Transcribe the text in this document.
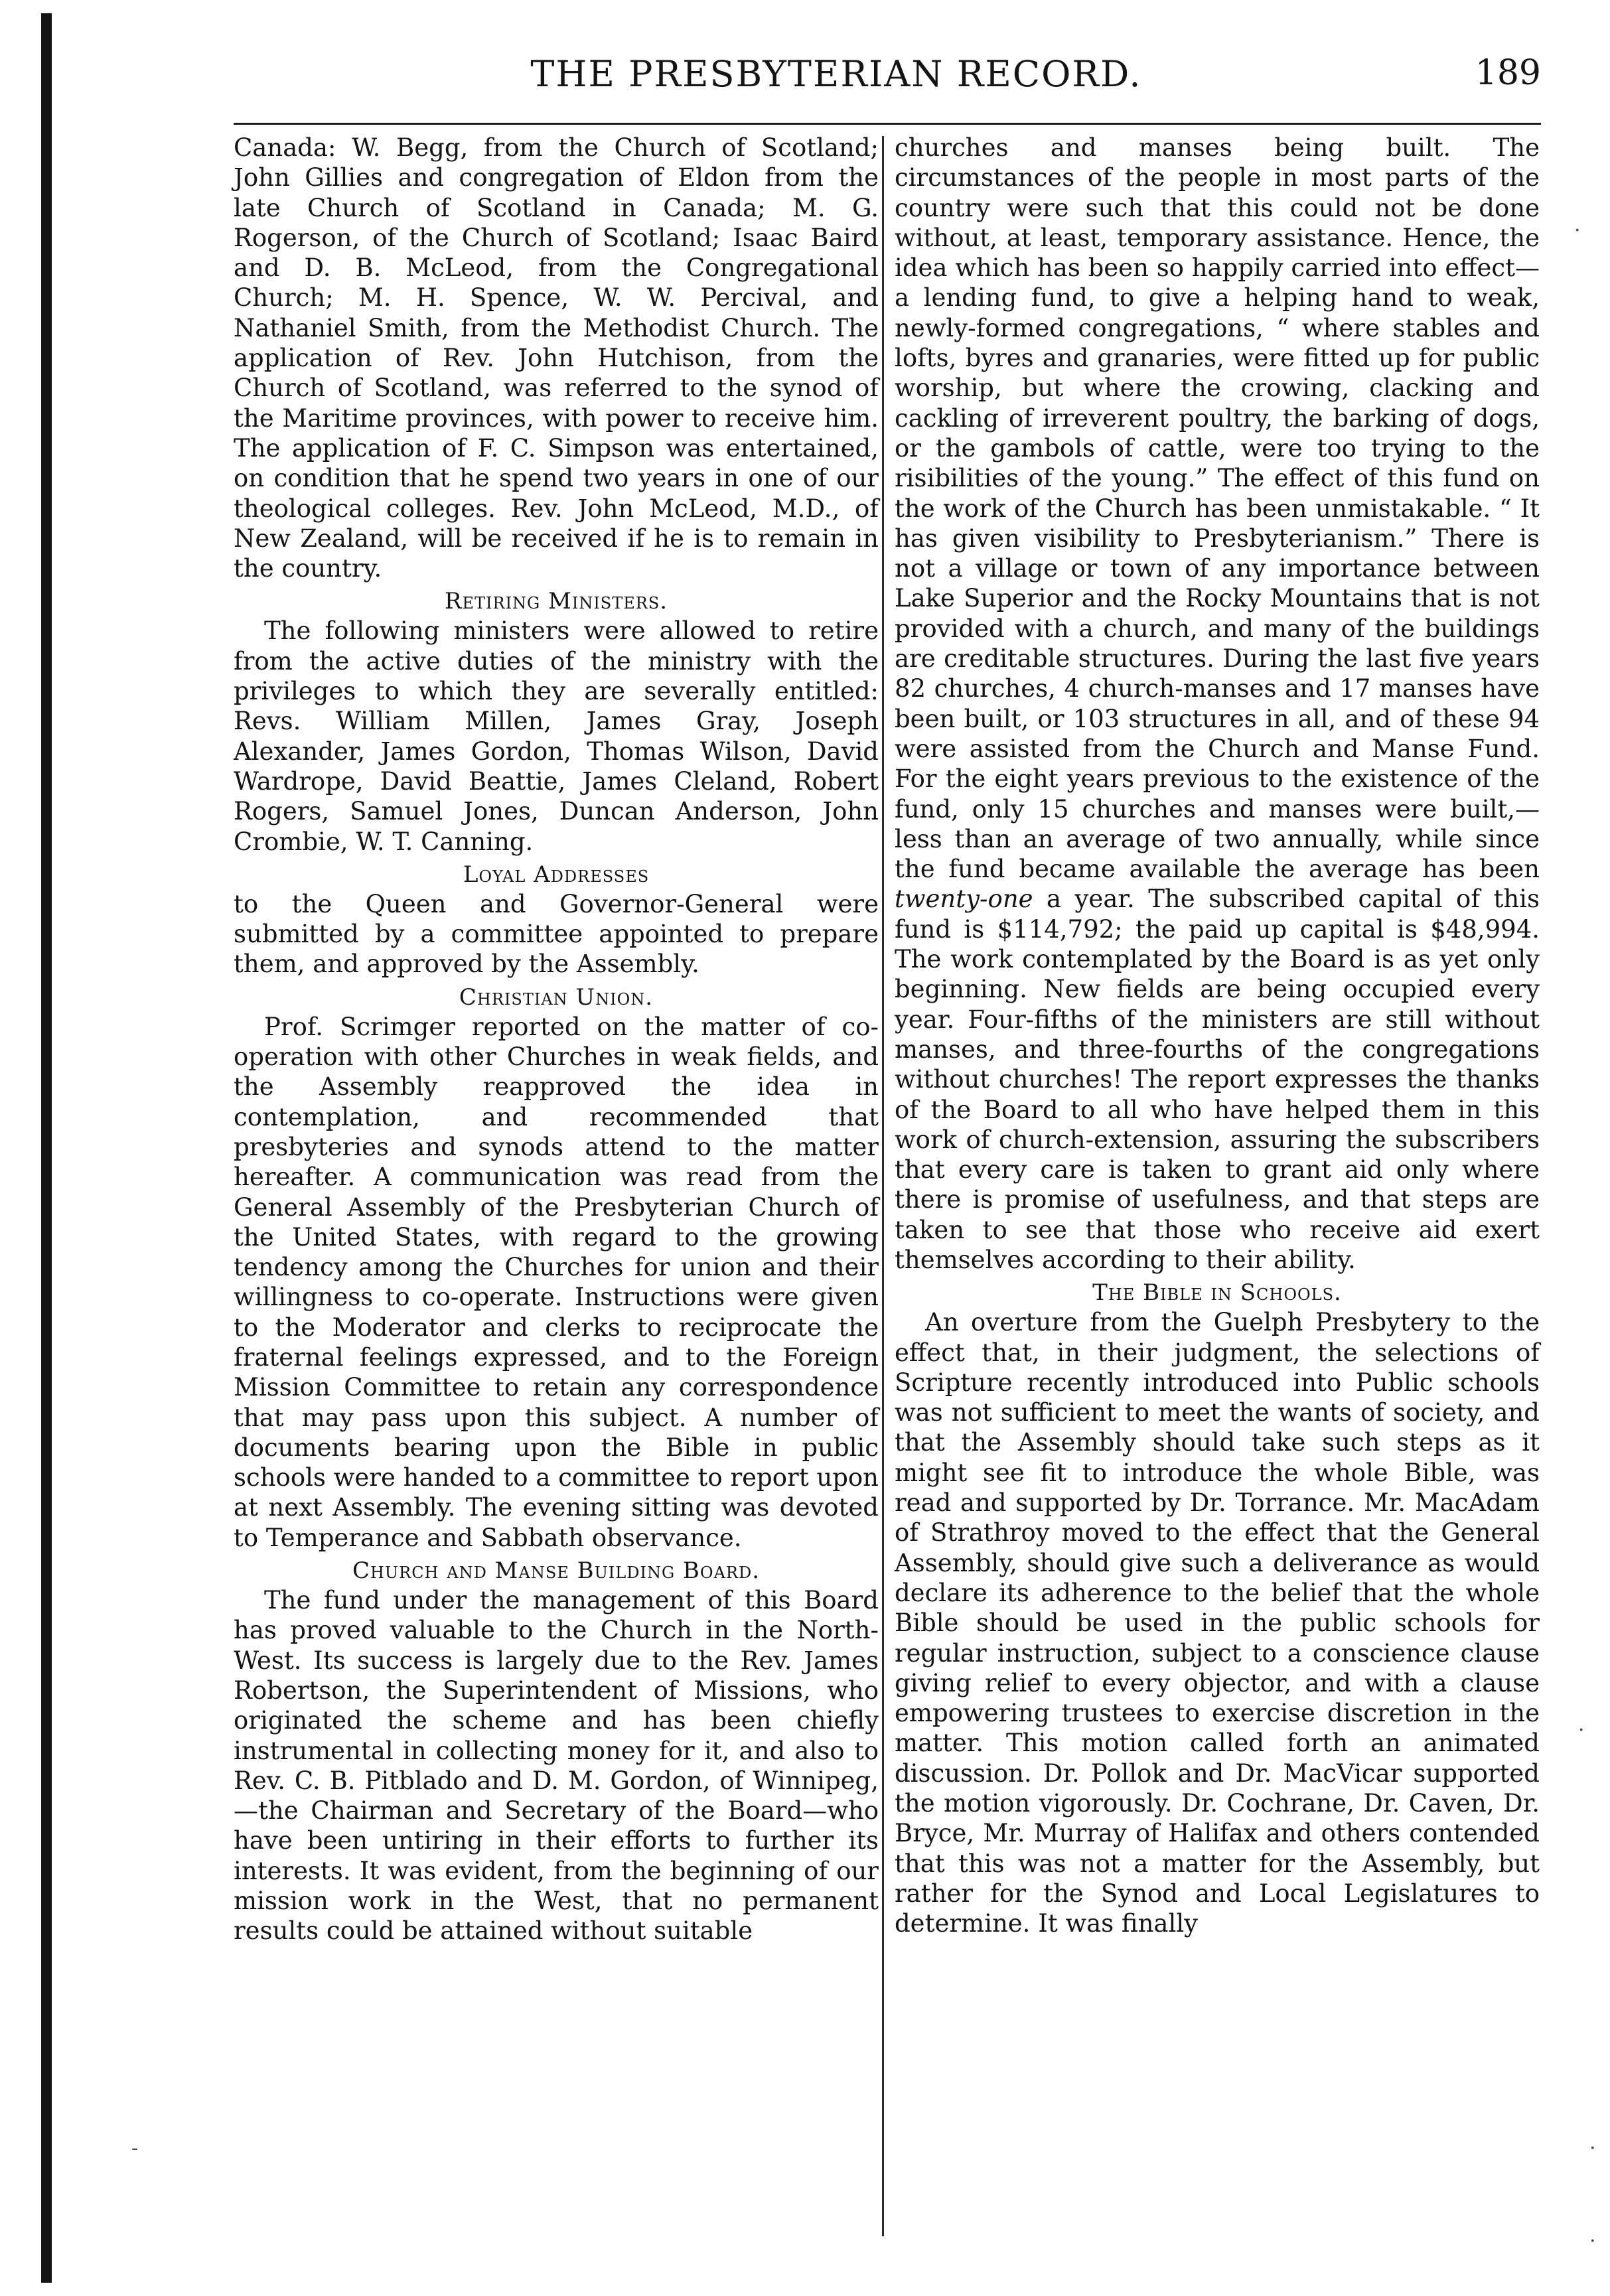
THE PRESBYTERIAN RECORD.	189

Canada: W. Begg, from the Church of Scotland; John Gillies and congregation of Eldon from the late Church of Scotland in Canada; M. G. Rogerson, of the Church of Scotland; Isaac Baird and D. B. McLeod, from the Congregational Church; M. H. Spence, W. W. Percival, and Nathaniel Smith, from the Methodist Church. The application of Rev. John Hutchison, from the Church of Scotland, was referred to the synod of the Maritime provinces, with power to receive him. The application of F. C. Simpson was entertained, on condition that he spend two years in one of our theological colleges. Rev. John McLeod, M.D., of New Zealand, will be received if he is to remain in the country.

Retiring Ministers.

The following ministers were allowed to retire from the active duties of the ministry with the privileges to which they are severally entitled: Revs. William Millen, James Gray, Joseph Alexander, James Gordon, Thomas Wilson, David Wardrope, David Beattie, James Cleland, Robert Rogers, Samuel Jones, Duncan Anderson, John Crombie, W. T. Canning.

Loyal Addresses

to the Queen and Governor-General were submitted by a committee appointed to prepare them, and approved by the Assembly.

Christian Union.

Prof. Scrimger reported on the matter of co-operation with other Churches in weak fields, and the Assembly reapproved the idea in contemplation, and recommended that presbyteries and synods attend to the matter hereafter. A communication was read from the General Assembly of the Presbyterian Church of the United States, with regard to the growing tendency among the Churches for union and their willingness to co-operate. Instructions were given to the Moderator and clerks to reciprocate the fraternal feelings expressed, and to the Foreign Mission Committee to retain any correspondence that may pass upon this subject. A number of documents bearing upon the Bible in public schools were handed to a committee to report upon at next Assembly. The evening sitting was devoted to Temperance and Sabbath observance.

Church and Manse Building Board.

The fund under the management of this Board has proved valuable to the Church in the North-West. Its success is largely due to the Rev. James Robertson, the Superintendent of Missions, who originated the scheme and has been chiefly instrumental in collecting money for it, and also to Rev. C. B. Pitblado and D. M. Gordon, of Winnipeg,—the Chairman and Secretary of the Board—who have been untiring in their efforts to further its interests. It was evident, from the beginning of our mission work in the West, that no permanent results could be attained without suitable

churches and manses being built. The circumstances of the people in most parts of the country were such that this could not be done without, at least, temporary assistance. Hence, the idea which has been so happily carried into effect—a lending fund, to give a helping hand to weak, newly-formed congregations, “ where stables and lofts, byres and granaries, were fitted up for public worship, but where the crowing, clacking and cackling of irreverent poultry, the barking of dogs, or the gambols of cattle, were too trying to the risibilities of the young.” The effect of this fund on the work of the Church has been unmistakable. “ It has given visibility to Presbyterianism.” There is not a village or town of any importance between Lake Superior and the Rocky Mountains that is not provided with a church, and many of the buildings are creditable structures. During the last five years 82 churches, 4 church-manses and 17 manses have been built, or 103 structures in all, and of these 94 were assisted from the Church and Manse Fund. For the eight years previous to the existence of the fund, only 15 churches and manses were built,—less than an average of two annually, while since the fund became available the average has been twenty-one a year. The subscribed capital of this fund is $114,792; the paid up capital is $48,994. The work contemplated by the Board is as yet only beginning. New fields are being occupied every year. Four-fifths of the ministers are still without manses, and three-fourths of the congregations without churches! The report expresses the thanks of the Board to all who have helped them in this work of church-extension, assuring the subscribers that every care is taken to grant aid only where there is promise of usefulness, and that steps are taken to see that those who receive aid exert themselves according to their ability.

The Bible in Schools.

An overture from the Guelph Presbytery to the effect that, in their judgment, the selections of Scripture recently introduced into Public schools was not sufficient to meet the wants of society, and that the Assembly should take such steps as it might see fit to introduce the whole Bible, was read and supported by Dr. Torrance. Mr. MacAdam of Strathroy moved to the effect that the General Assembly, should give such a deliverance as would declare its adherence to the belief that the whole Bible should be used in the public schools for regular instruction, subject to a conscience clause giving relief to every objector, and with a clause empowering trustees to exercise discretion in the matter. This motion called forth an animated discussion. Dr. Pollok and Dr. MacVicar supported the motion vigorously. Dr. Cochrane, Dr. Caven, Dr. Bryce, Mr. Murray of Halifax and others contended that this was not a matter for the Assembly, but rather for the Synod and Local Legislatures to determine. It was finally

·
·
·
·
‑
